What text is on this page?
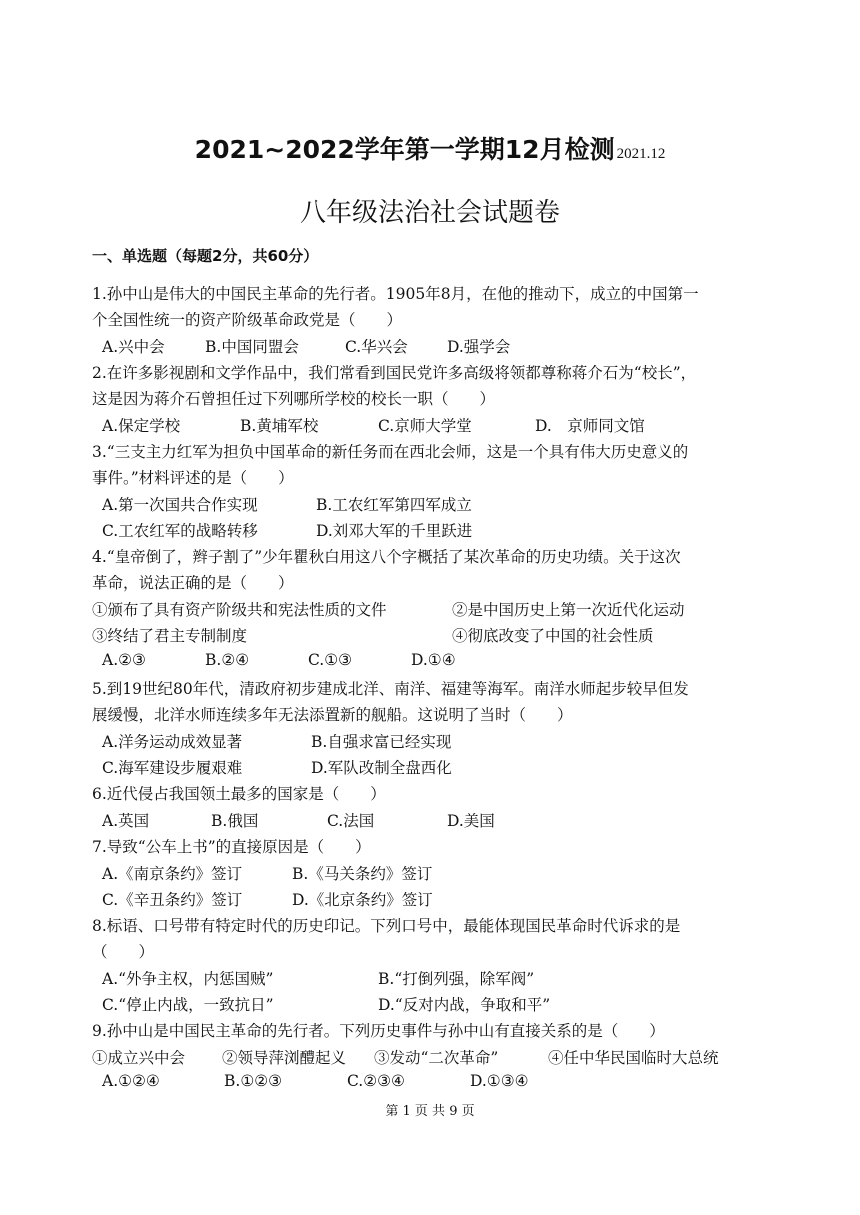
2021~2022学年第一学期12月检测 2021.12
八年级法治社会试题卷
一、单选题（每题2分，共60分）
1.孙中山是伟大的中国民主革命的先行者。1905年8月，在他的推动下，成立的中国第一
个全国性统一的资产阶级革命政党是（　　）
A.兴中会	B.中国同盟会	C.华兴会	D.强学会
2.在许多影视剧和文学作品中，我们常看到国民党许多高级将领都尊称蒋介石为“校长”，
这是因为蒋介石曾担任过下列哪所学校的校长一职（　　）
A.保定学校	B.黄埔军校	C.京师大学堂	D.　京师同文馆
3.“三支主力红军为担负中国革命的新任务而在西北会师，这是一个具有伟大历史意义的
事件。”材料评述的是（　　）
A.第一次国共合作实现	B.工农红军第四军成立
C.工农红军的战略转移	D.刘邓大军的千里跃进
4.“皇帝倒了，辫子割了”少年瞿秋白用这八个字概括了某次革命的历史功绩。关于这次
革命，说法正确的是（　　）
①颁布了具有资产阶级共和宪法性质的文件	②是中国历史上第一次近代化运动
③终结了君主专制制度	④彻底改变了中国的社会性质
A.②③	B.②④	C.①③	D.①④
5.到19世纪80年代，清政府初步建成北洋、南洋、福建等海军。南洋水师起步较早但发
展缓慢，北洋水师连续多年无法添置新的舰船。这说明了当时（　　）
A.洋务运动成效显著	B.自强求富已经实现
C.海军建设步履艰难	D.军队改制全盘西化
6.近代侵占我国领土最多的国家是（　　）
A.英国	B.俄国	C.法国	D.美国
7.导致“公车上书”的直接原因是（　　）
A.《南京条约》签订	B.《马关条约》签订
C.《辛丑条约》签订	D.《北京条约》签订
8.标语、口号带有特定时代的历史印记。下列口号中，最能体现国民革命时代诉求的是
（　　）
A.“外争主权，内惩国贼”	B.“打倒列强，除军阀”
C.“停止内战，一致抗日”	D.“反对内战，争取和平”
9.孙中山是中国民主革命的先行者。下列历史事件与孙中山有直接关系的是（　　）
①成立兴中会 ②领导萍浏醴起义 ③发动“二次革命”	④任中华民国临时大总统
A.①②④	B.①②③	C.②③④	D.①③④
第 1 页 共 9 页
